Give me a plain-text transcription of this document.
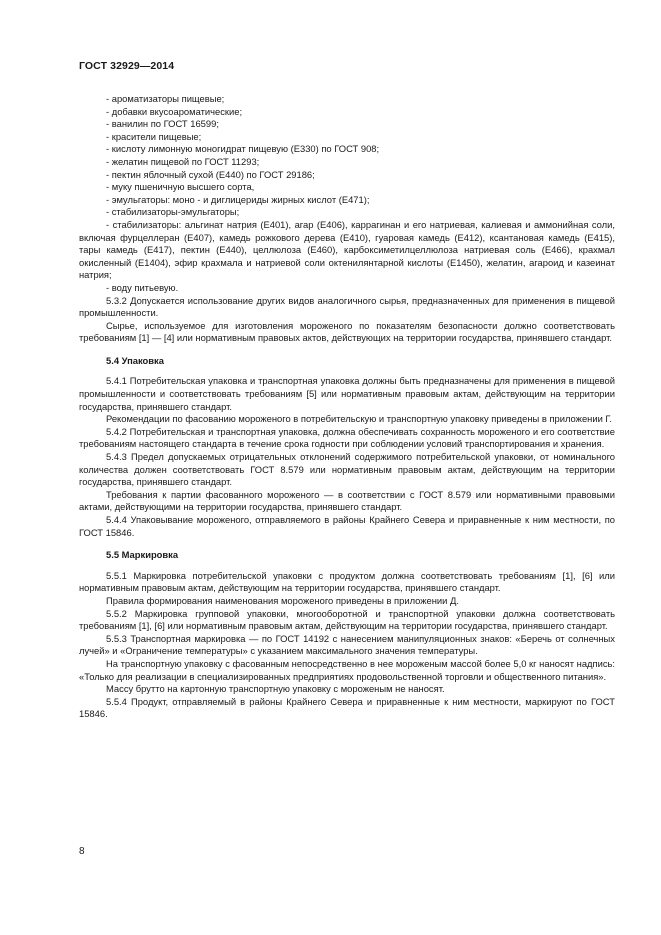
ГОСТ 32929—2014

- ароматизаторы пищевые;

- добавки вкусоароматические;

- ванилин по ГОСТ 16599;

- красители пищевые;

- кислоту лимонную моногидрат пищевую (E330) по ГОСТ 908;

- желатин пищевой по ГОСТ 11293;

- пектин яблочный сухой (E440) по ГОСТ 29186;

- муку пшеничную высшего сорта,

- эмульгаторы: моно - и диглицериды жирных кислот (E471);

- стабилизаторы-эмульгаторы;

- стабилизаторы: альгинат натрия (E401), агар (E406), каррагинан и его натриевая, калиевая и аммонийная соли, включая фурцеллеран (E407), камедь рожкового дерева (E410), гуаровая камедь (E412), ксантановая камедь (E415), тары камедь (E417), пектин (E440), целлюлоза (E460), карбоксиметилцеллюлоза натриевая соль (E466), крахмал окисленный (E1404), эфир крахмала и натриевой соли октенилянтарной кислоты (E1450), желатин, агароид и казеинат натрия;

- воду питьевую.

5.3.2 Допускается использование других видов аналогичного сырья, предназначенных для применения в пищевой промышленности.

Сырье, используемое для изготовления мороженого по показателям безопасности должно соответствовать требованиям [1] — [4] или нормативным правовых актов, действующих на территории государства, принявшего стандарт.

5.4 Упаковка

5.4.1 Потребительская упаковка и транспортная упаковка должны быть предназначены для применения в пищевой промышленности и соответствовать требованиям [5] или нормативным правовым актам, действующим на территории государства, принявшего стандарт.

Рекомендации по фасованию мороженого в потребительскую и транспортную упаковку приведены в приложении Г.

5.4.2 Потребительская и транспортная упаковка, должна обеспечивать сохранность мороженого и его соответствие требованиям настоящего стандарта в течение срока годности при соблюдении условий транспортирования и хранения.

5.4.3 Предел допускаемых отрицательных отклонений содержимого потребительской упаковки, от номинального количества должен соответствовать ГОСТ 8.579 или нормативным правовым актам, действующим на территории государства, принявшего стандарт.

Требования к партии фасованного мороженого — в соответствии с ГОСТ 8.579 или нормативными правовыми актами, действующими на территории государства, принявшего стандарт.

5.4.4 Упаковывание мороженого, отправляемого в районы Крайнего Севера и приравненные к ним местности, по ГОСТ 15846.

5.5 Маркировка

5.5.1 Маркировка потребительской упаковки с продуктом должна соответствовать требованиям [1], [6] или нормативным правовым актам, действующим на территории государства, принявшего стандарт.

Правила формирования наименования мороженого приведены в приложении Д.

5.5.2 Маркировка групповой упаковки, многооборотной и транспортной упаковки должна соответствовать требованиям [1], [6] или нормативным правовым актам, действующим на территории государства, принявшего стандарт.

5.5.3 Транспортная маркировка — по ГОСТ 14192 с нанесением манипуляционных знаков: «Беречь от солнечных лучей» и «Ограничение температуры» с указанием максимального значения температуры.

На транспортную упаковку с фасованным непосредственно в нее мороженым массой более 5,0 кг наносят надпись: «Только для реализации в специализированных предприятиях продовольственной торговли и общественного питания».

Массу брутто на картонную транспортную упаковку с мороженым не наносят.

5.5.4 Продукт, отправляемый в районы Крайнего Севера и приравненные к ним местности, маркируют по ГОСТ 15846.

8
